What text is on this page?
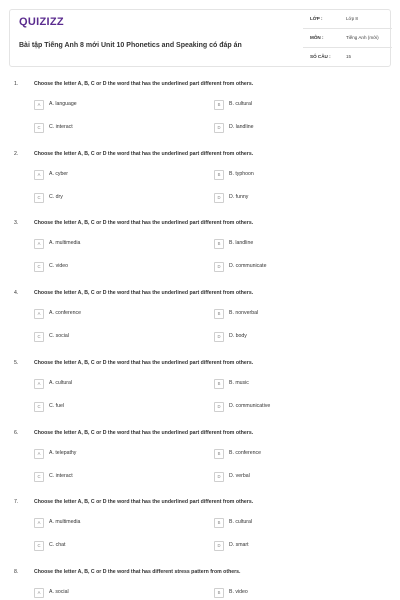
QUIZIZZ
Bài tập Tiếng Anh 8 mới Unit 10 Phonetics and Speaking có đáp án
LỚP :	Lớp 8
MÔN :	Tiếng Anh (mới)
SỐ CÂU :	15
1.	Choose the letter A, B, C or D the word that has the underlined part different from others.
A	A. language	B	B. cultural
C	C. interact	D	D. landline
2.	Choose the letter A, B, C or D the word that has the underlined part different from others.
A	A. cyber	B	B. typhoon
C	C. dry	D	D. funny
3.	Choose the letter A, B, C or D the word that has the underlined part different from others.
A	A. multimedia	B	B. landline
C	C. video	D	D. communicate
4.	Choose the letter A, B, C or D the word that has the underlined part different from others.
A	A. conference	B	B. nonverbal
C	C. social	D	D. body
5.	Choose the letter A, B, C or D the word that has the underlined part different from others.
A	A. cultural	B	B. music
C	C. fuel	D	D. communicative
6.	Choose the letter A, B, C or D the word that has the underlined part different from others.
A	A. telepathy	B	B. conference
C	C. interact	D	D. verbal
7.	Choose the letter A, B, C or D the word that has the underlined part different from others.
A	A. multimedia	B	B. cultural
C	C. chat	D	D. smart
8.	Choose the letter A, B, C or D the word that has different stress pattern from others.
A	A. social	B	B. video
